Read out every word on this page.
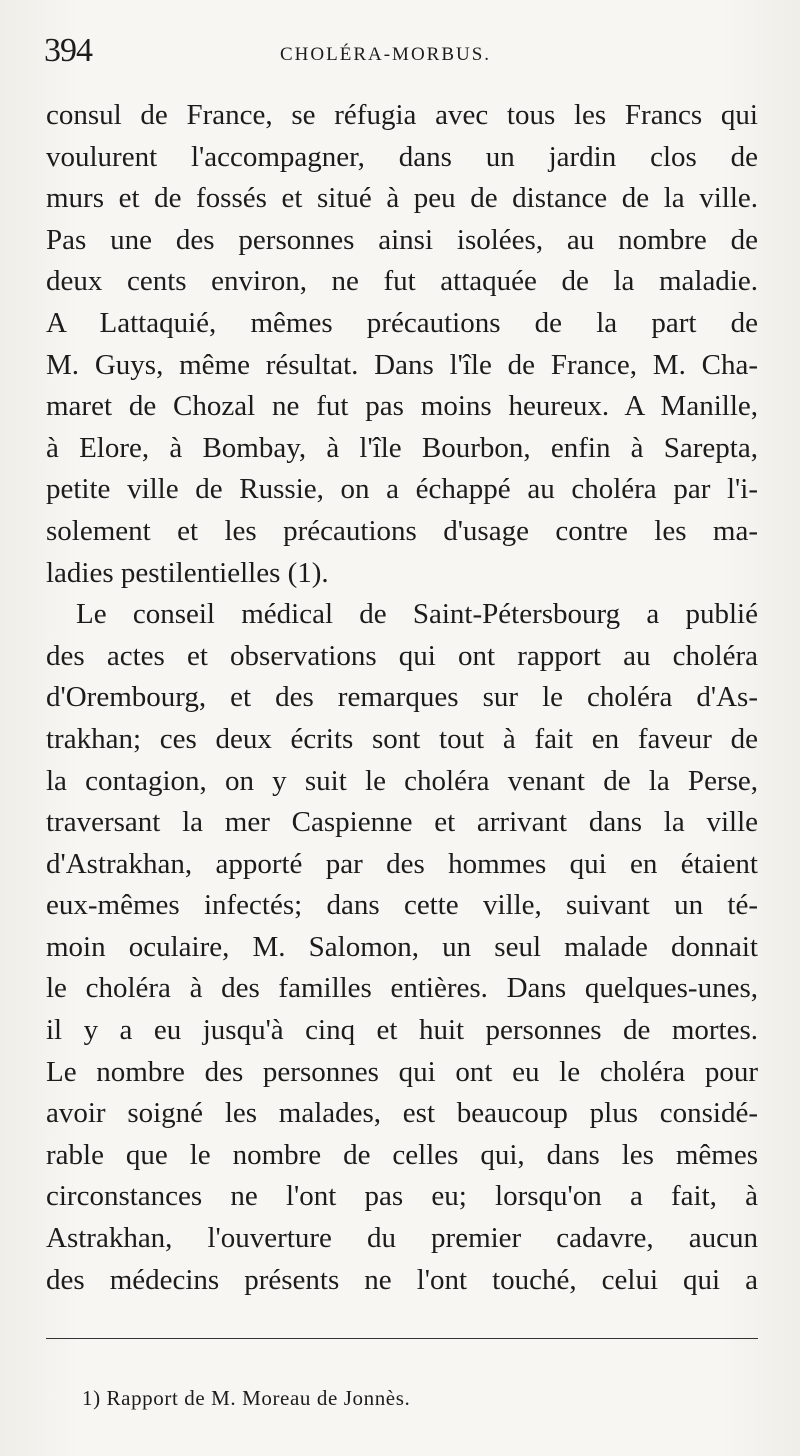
394	CHOLÉRA-MORBUS.
consul de France, se réfugia avec tous les Francs qui
voulurent l'accompagner, dans un jardin clos de
murs et de fossés et situé à peu de distance de la ville.
Pas une des personnes ainsi isolées, au nombre de
deux cents environ, ne fut attaquée de la maladie.
A Lattaquié, mêmes précautions de la part de
M. Guys, même résultat. Dans l'île de France, M. Cha-
maret de Chozal ne fut pas moins heureux. A Manille,
à Elore, à Bombay, à l'île Bourbon, enfin à Sarepta,
petite ville de Russie, on a échappé au choléra par l'i-
solement et les précautions d'usage contre les ma-
ladies pestilentielles (1).
Le conseil médical de Saint-Pétersbourg a publié
des actes et observations qui ont rapport au choléra
d'Orembourg, et des remarques sur le choléra d'As-
trakhan; ces deux écrits sont tout à fait en faveur de
la contagion, on y suit le choléra venant de la Perse,
traversant la mer Caspienne et arrivant dans la ville
d'Astrakhan, apporté par des hommes qui en étaient
eux-mêmes infectés; dans cette ville, suivant un té-
moin oculaire, M. Salomon, un seul malade donnait
le choléra à des familles entières. Dans quelques-unes,
il y a eu jusqu'à cinq et huit personnes de mortes.
Le nombre des personnes qui ont eu le choléra pour
avoir soigné les malades, est beaucoup plus considé-
rable que le nombre de celles qui, dans les mêmes
circonstances ne l'ont pas eu; lorsqu'on a fait, à
Astrakhan, l'ouverture du premier cadavre, aucun
des médecins présents ne l'ont touché, celui qui a
1) Rapport de M. Moreau de Jonnès.
